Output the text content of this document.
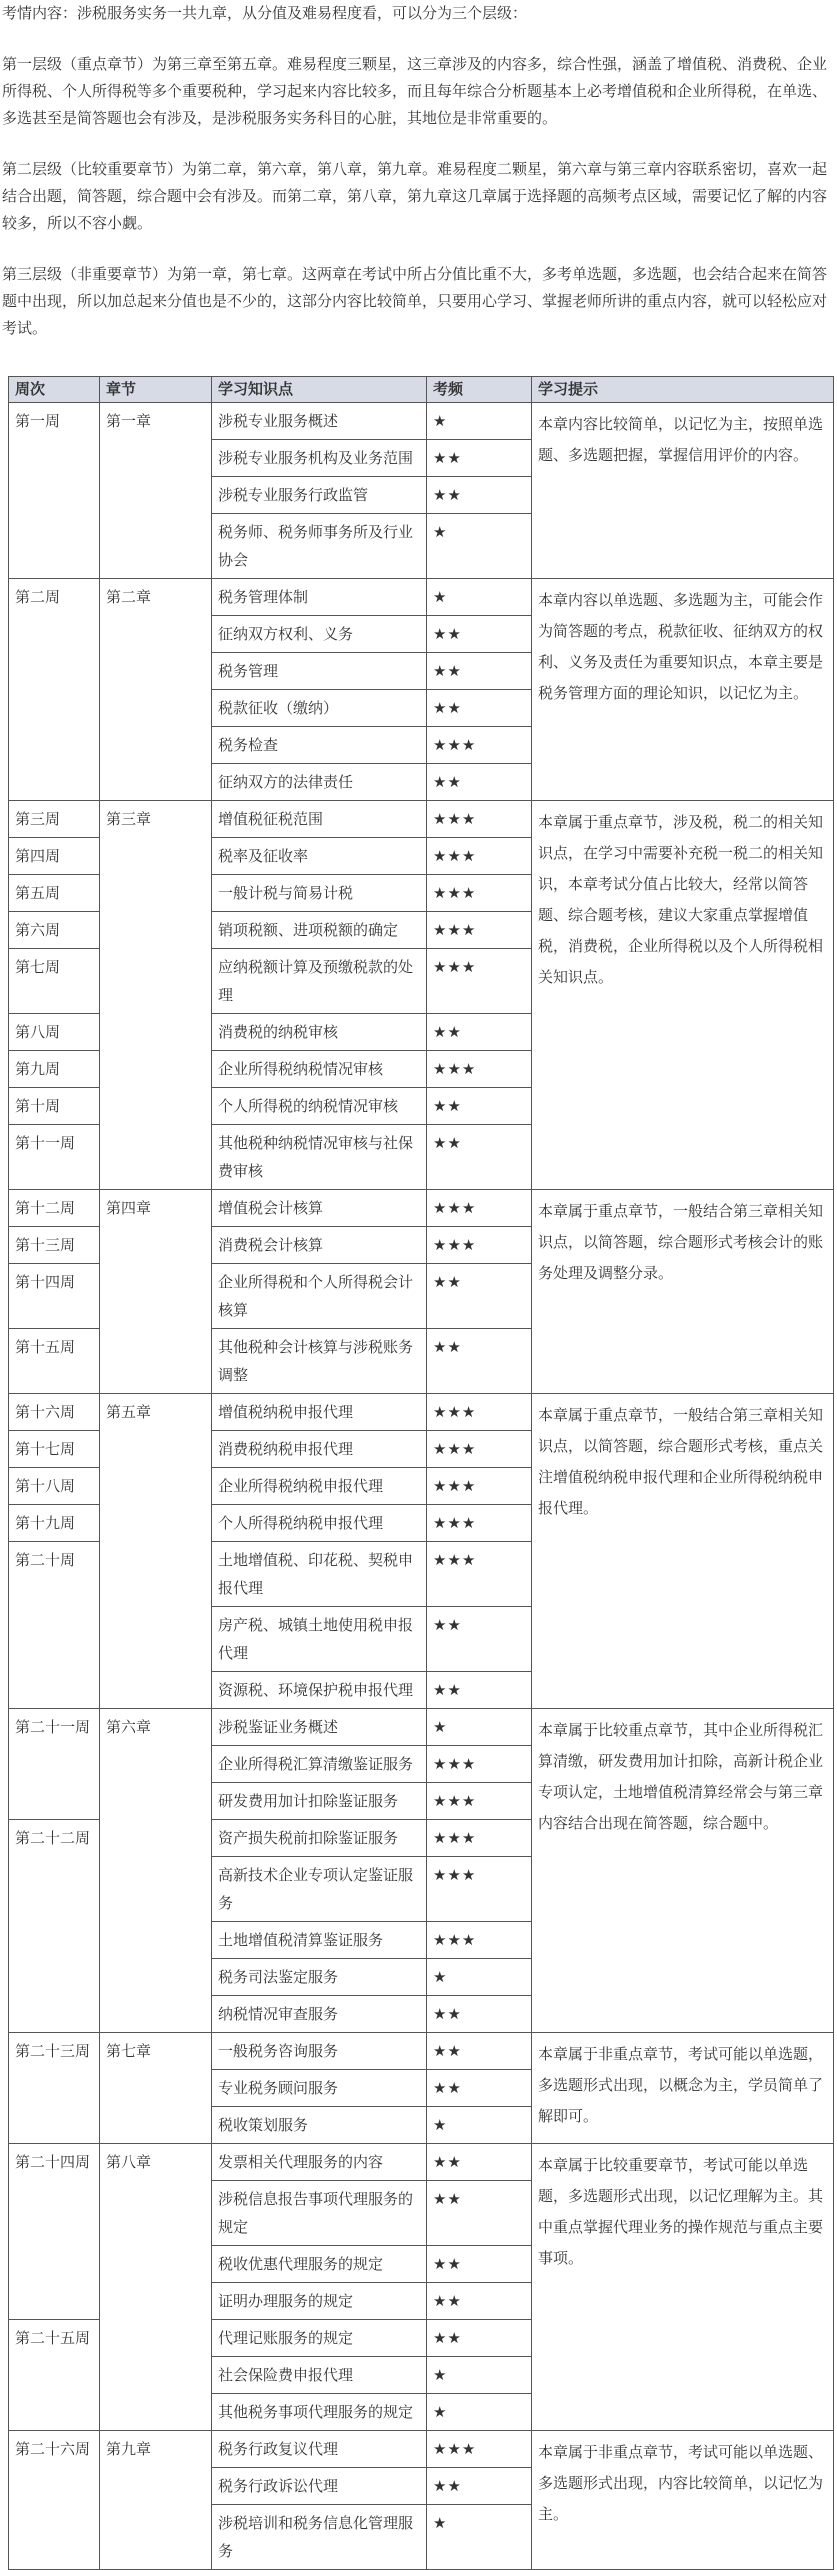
考情内容：涉税服务实务一共九章，从分值及难易程度看，可以分为三个层级：

第一层级（重点章节）为第三章至第五章。难易程度三颗星，这三章涉及的内容多，综合性强，涵盖了增值税、消费税、企业所得税、个人所得税等多个重要税种，学习起来内容比较多，而且每年综合分析题基本上必考增值税和企业所得税，在单选、多选甚至是简答题也会有涉及，是涉税服务实务科目的心脏，其地位是非常重要的。

第二层级（比较重要章节）为第二章，第六章，第八章，第九章。难易程度二颗星，第六章与第三章内容联系密切，喜欢一起结合出题，简答题，综合题中会有涉及。而第二章，第八章，第九章这几章属于选择题的高频考点区域，需要记忆了解的内容较多，所以不容小觑。

第三层级（非重要章节）为第一章，第七章。这两章在考试中所占分值比重不大，多考单选题，多选题，也会结合起来在简答题中出现，所以加总起来分值也是不少的，这部分内容比较简单，只要用心学习、掌握老师所讲的重点内容，就可以轻松应对考试。

周次	章节	学习知识点	考频	学习提示
第一周	第一章	涉税专业服务概述	★	本章内容比较简单，以记忆为主，按照单选题、多选题把握，掌握信用评价的内容。
		涉税专业服务机构及业务范围	★★	
		涉税专业服务行政监管	★★	
		税务师、税务师事务所及行业协会	★	
第二周	第二章	税务管理体制	★	本章内容以单选题、多选题为主，可能会作为简答题的考点，税款征收、征纳双方的权利、义务及责任为重要知识点，本章主要是税务管理方面的理论知识，以记忆为主。
		征纳双方权利、义务	★★	
		税务管理	★★	
		税款征收（缴纳）	★★	
		税务检查	★★★	
		征纳双方的法律责任	★★	
第三周	第三章	增值税征税范围	★★★	本章属于重点章节，涉及税，税二的相关知识点，在学习中需要补充税一税二的相关知识，本章考试分值占比较大，经常以简答题、综合题考核，建议大家重点掌握增值税，消费税，企业所得税以及个人所得税相关知识点。
第四周		税率及征收率	★★★	
第五周		一般计税与简易计税	★★★	
第六周		销项税额、进项税额的确定	★★★	
第七周		应纳税额计算及预缴税款的处理	★★★	
第八周		消费税的纳税审核	★★	
第九周		企业所得税纳税情况审核	★★★	
第十周		个人所得税的纳税情况审核	★★	
第十一周		其他税种纳税情况审核与社保费审核	★★	
第十二周	第四章	增值税会计核算	★★★	本章属于重点章节，一般结合第三章相关知识点，以简答题，综合题形式考核会计的账务处理及调整分录。
第十三周		消费税会计核算	★★★	
第十四周		企业所得税和个人所得税会计核算	★★	
第十五周		其他税种会计核算与涉税账务调整	★★	
第十六周	第五章	增值税纳税申报代理	★★★	本章属于重点章节，一般结合第三章相关知识点，以简答题，综合题形式考核，重点关注增值税纳税申报代理和企业所得税纳税申报代理。
第十七周		消费税纳税申报代理	★★★	
第十八周		企业所得税纳税申报代理	★★★	
第十九周		个人所得税纳税申报代理	★★★	
第二十周		土地增值税、印花税、契税申报代理	★★★	
		房产税、城镇土地使用税申报代理	★★	
		资源税、环境保护税申报代理	★★	
第二十一周	第六章	涉税鉴证业务概述	★	本章属于比较重点章节，其中企业所得税汇算清缴，研发费用加计扣除，高新计税企业专项认定，土地增值税清算经常会与第三章内容结合出现在简答题，综合题中。
		企业所得税汇算清缴鉴证服务	★★★	
		研发费用加计扣除鉴证服务	★★★	
第二十二周		资产损失税前扣除鉴证服务	★★★	
		高新技术企业专项认定鉴证服务	★★★	
		土地增值税清算鉴证服务	★★★	
		税务司法鉴定服务	★	
		纳税情况审查服务	★★	
第二十三周	第七章	一般税务咨询服务	★★	本章属于非重点章节，考试可能以单选题，多选题形式出现，以概念为主，学员简单了解即可。
		专业税务顾问服务	★★	
		税收策划服务	★	
第二十四周	第八章	发票相关代理服务的内容	★★	本章属于比较重要章节，考试可能以单选题，多选题形式出现，以记忆理解为主。其中重点掌握代理业务的操作规范与重点主要事项。
		涉税信息报告事项代理服务的规定	★★	
		税收优惠代理服务的规定	★★	
		证明办理服务的规定	★★	
第二十五周		代理记账服务的规定	★★	
		社会保险费申报代理	★	
		其他税务事项代理服务的规定	★	
第二十六周	第九章	税务行政复议代理	★★★	本章属于非重点章节，考试可能以单选题、多选题形式出现，内容比较简单，以记忆为主。
		税务行政诉讼代理	★★	
		涉税培训和税务信息化管理服务	★	
